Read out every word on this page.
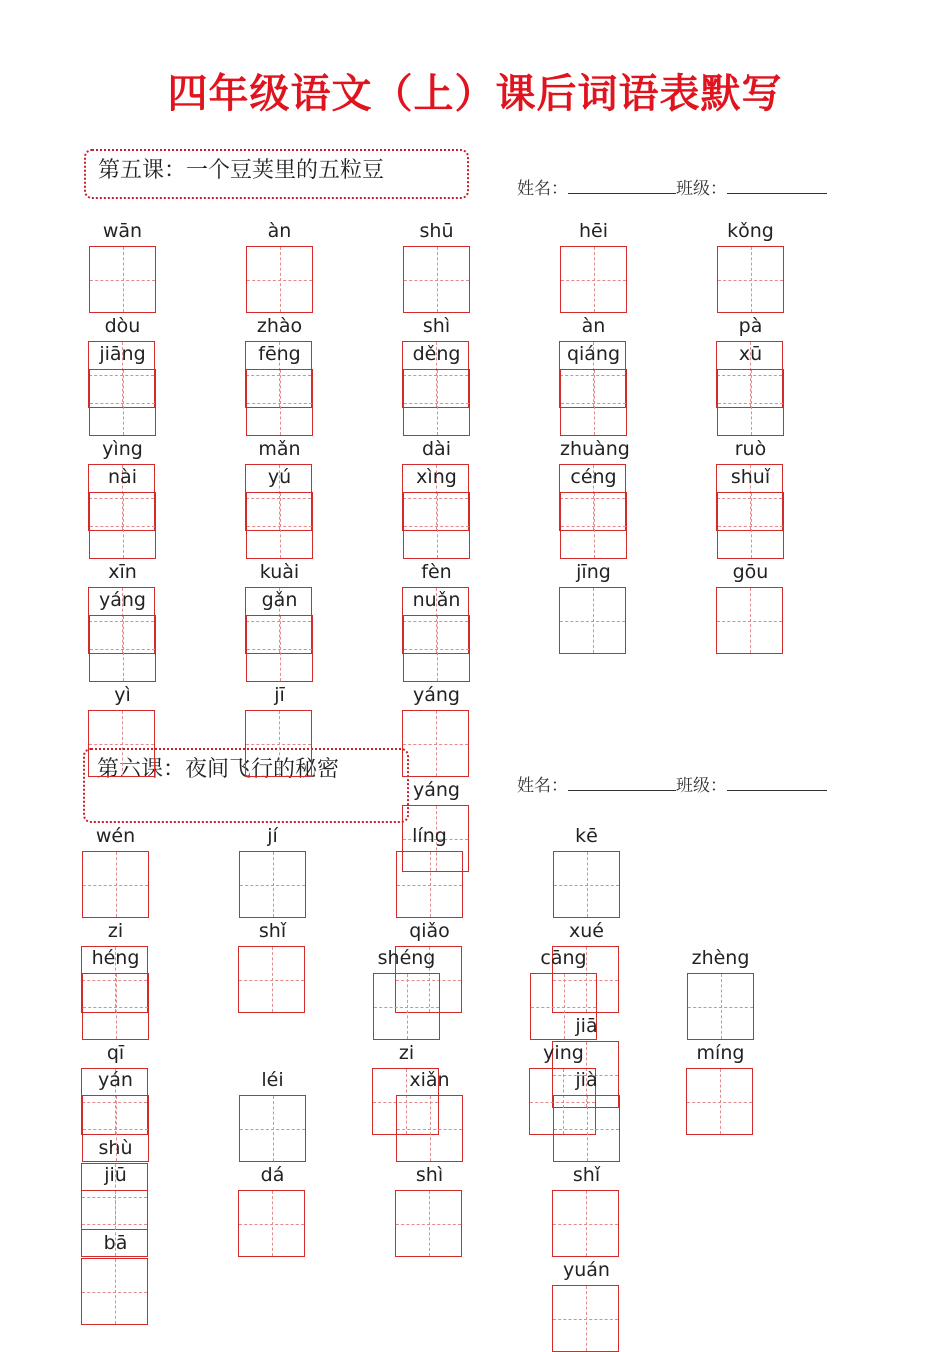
四年级语文（上）课后词语表默写
第五课：一个豆荚里的五粒豆
姓名：	班级：
第六课：夜间飞行的秘密
姓名：	班级：
wān
dòu
àn
zhào
shū
shì
hēi
àn
kǒng
pà
jiāng
yìng
fēng
mǎn
děng
dài
qiáng
zhuàng
xū
ruò
nài
xīn
yú
kuài
xìng
fèn
céng
jīng
shuǐ
gōu
yáng
yì
gǎn
jī
nuǎn
yáng
yáng
wén
zi
jí
shǐ
líng
qiǎo
kē
xué
jiā
héng
qī
shù
bā
shéng
zi
cāng
ying
zhèng
míng
yán
jiū
léi
dá
xiǎn
shì
jià
shǐ
yuán
